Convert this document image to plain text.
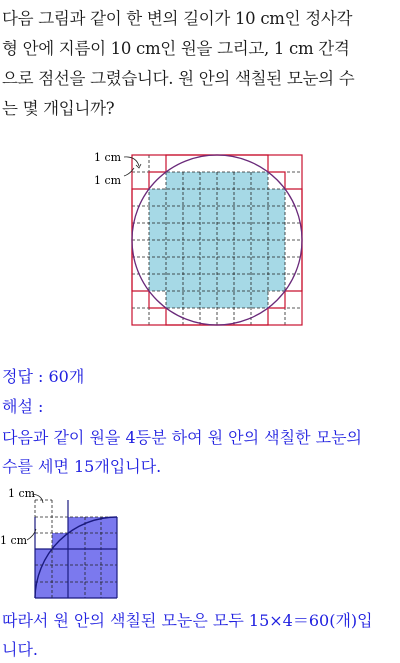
다음 그림과 같이 한 변의 길이가 10 cm인 정사각
형 안에 지름이 10 cm인 원을 그리고, 1 cm 간격
으로 점선을 그렸습니다. 원 안의 색칠된 모눈의 수
는 몇 개입니까?
1 cm
1 cm
정답 : 60개
해설 :
다음과 같이 원을 4등분 하여 원 안의 색칠한 모눈의
수를 세면 15개입니다.
1 cm
1 cm
따라서 원 안의 색칠된 모눈은 모두 15×4＝60(개)입
니다.
